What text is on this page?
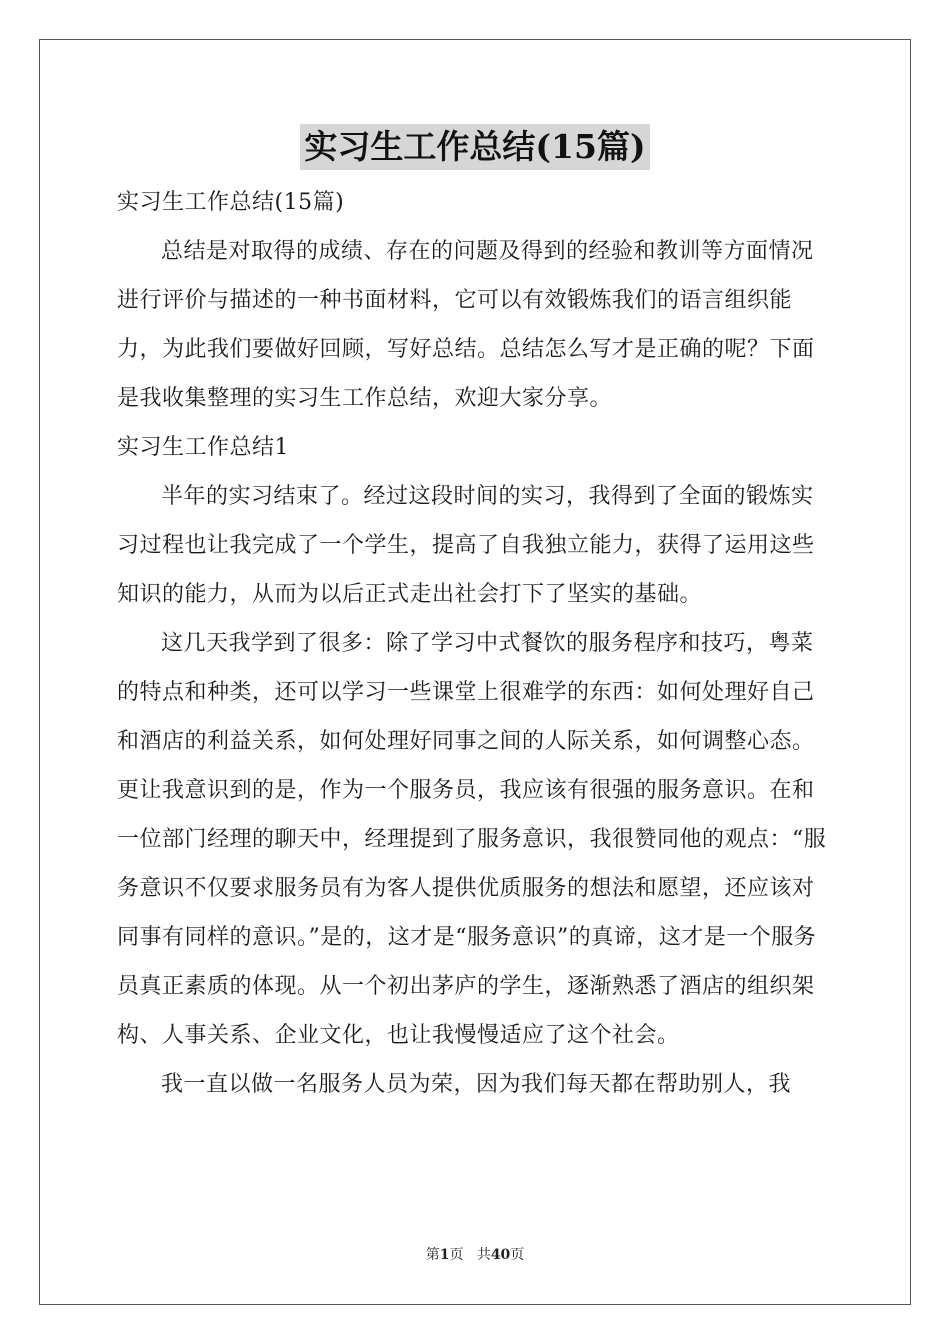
实习生工作总结(15篇)

实习生工作总结(15篇)

总结是对取得的成绩、存在的问题及得到的经验和教训等方面情况进行评价与描述的一种书面材料，它可以有效锻炼我们的语言组织能力，为此我们要做好回顾，写好总结。总结怎么写才是正确的呢？下面是我收集整理的实习生工作总结，欢迎大家分享。

实习生工作总结1

半年的实习结束了。经过这段时间的实习，我得到了全面的锻炼实习过程也让我完成了一个学生，提高了自我独立能力，获得了运用这些知识的能力，从而为以后正式走出社会打下了坚实的基础。

这几天我学到了很多：除了学习中式餐饮的服务程序和技巧，粤菜的特点和种类，还可以学习一些课堂上很难学的东西：如何处理好自己和酒店的利益关系，如何处理好同事之间的人际关系，如何调整心态。更让我意识到的是，作为一个服务员，我应该有很强的服务意识。在和一位部门经理的聊天中，经理提到了服务意识，我很赞同他的观点：“服务意识不仅要求服务员有为客人提供优质服务的想法和愿望，还应该对同事有同样的意识。”是的，这才是“服务意识”的真谛，这才是一个服务员真正素质的体现。从一个初出茅庐的学生，逐渐熟悉了酒店的组织架构、人事关系、企业文化，也让我慢慢适应了这个社会。

我一直以做一名服务人员为荣，因为我们每天都在帮助别人，我

第1页 共40页
